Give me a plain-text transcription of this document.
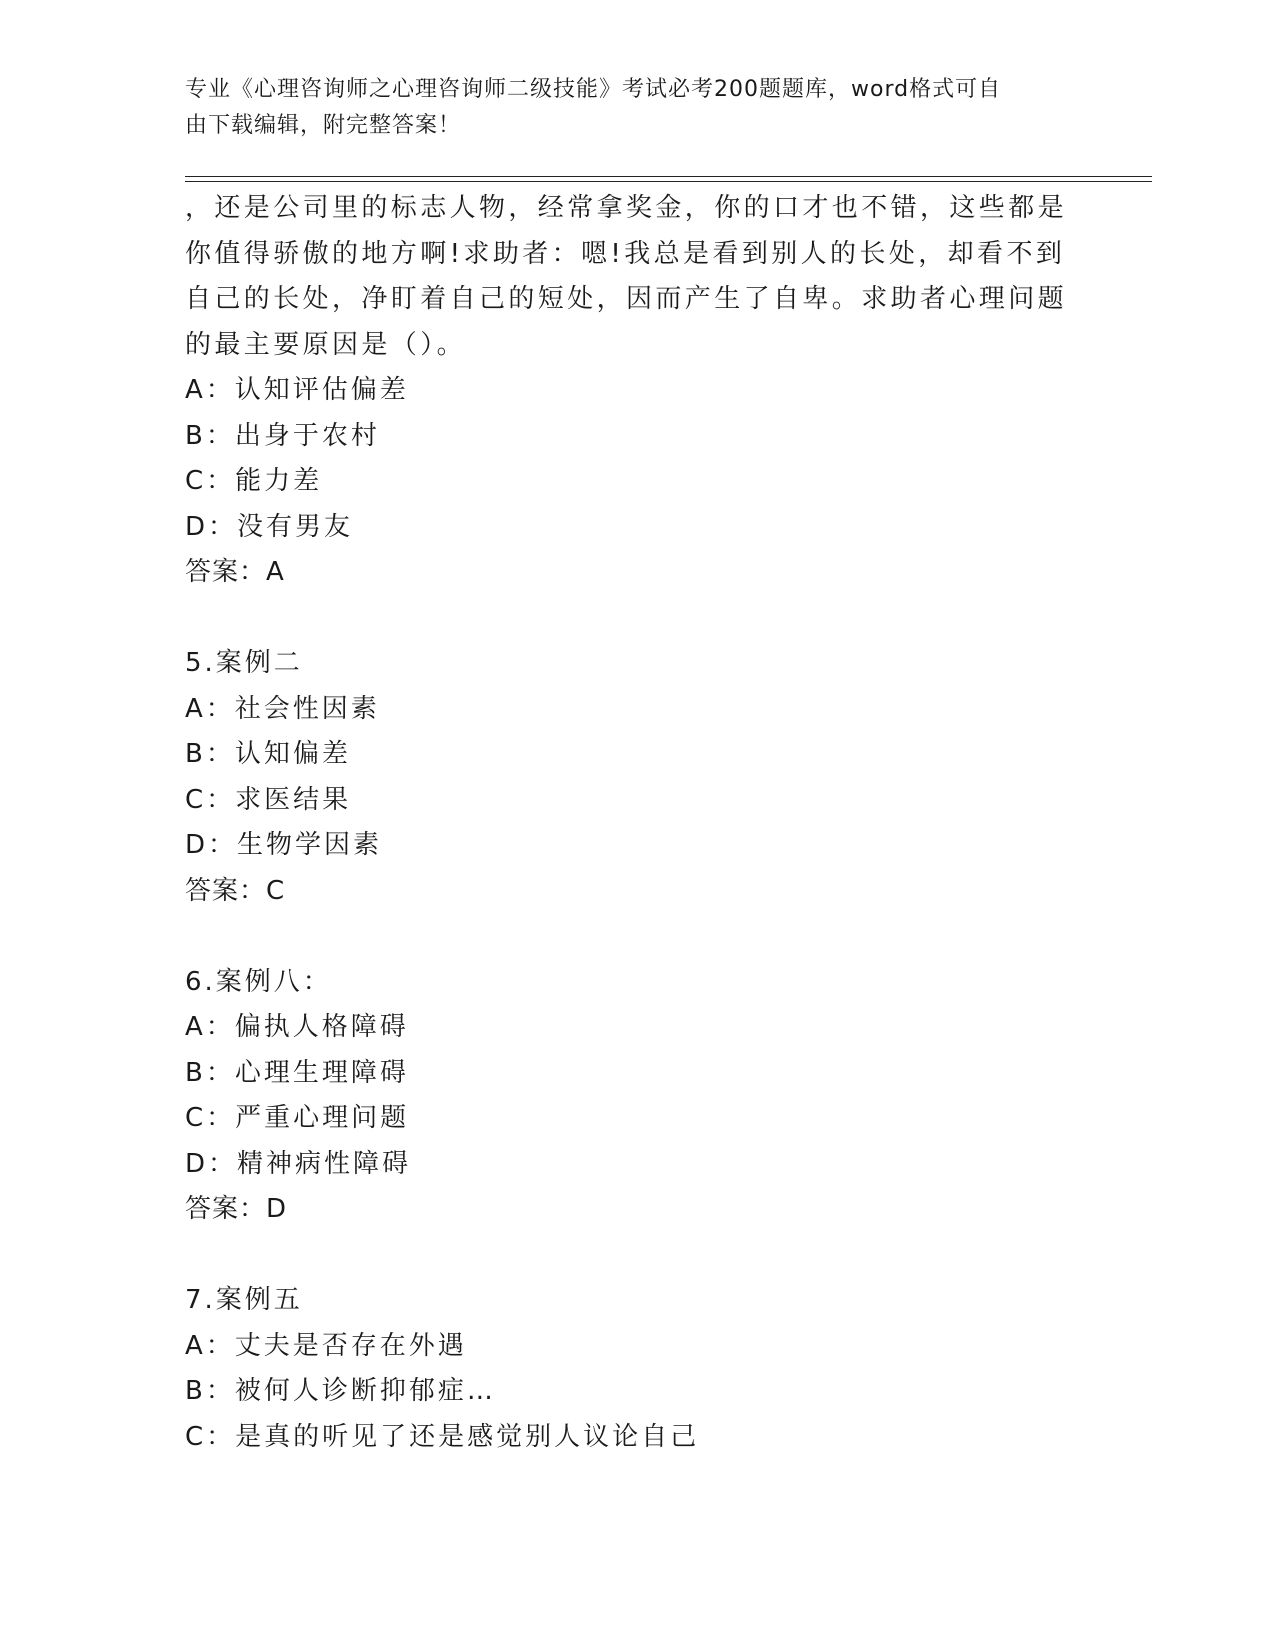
专业《心理咨询师之心理咨询师二级技能》考试必考200题题库，word格式可自
由下载编辑，附完整答案！
，还是公司里的标志人物，经常拿奖金，你的口才也不错，这些都是
你值得骄傲的地方啊!求助者：嗯!我总是看到别人的长处，却看不到
自己的长处，净盯着自己的短处，因而产生了自卑。求助者心理问题
的最主要原因是（）。
A：认知评估偏差
B：出身于农村
C：能力差
D：没有男友
答案：A
5.案例二
A：社会性因素
B：认知偏差
C：求医结果
D：生物学因素
答案：C
6.案例八：
A：偏执人格障碍
B：心理生理障碍
C：严重心理问题
D：精神病性障碍
答案：D
7.案例五
A：丈夫是否存在外遇
B：被何人诊断抑郁症…
C：是真的听见了还是感觉别人议论自己
